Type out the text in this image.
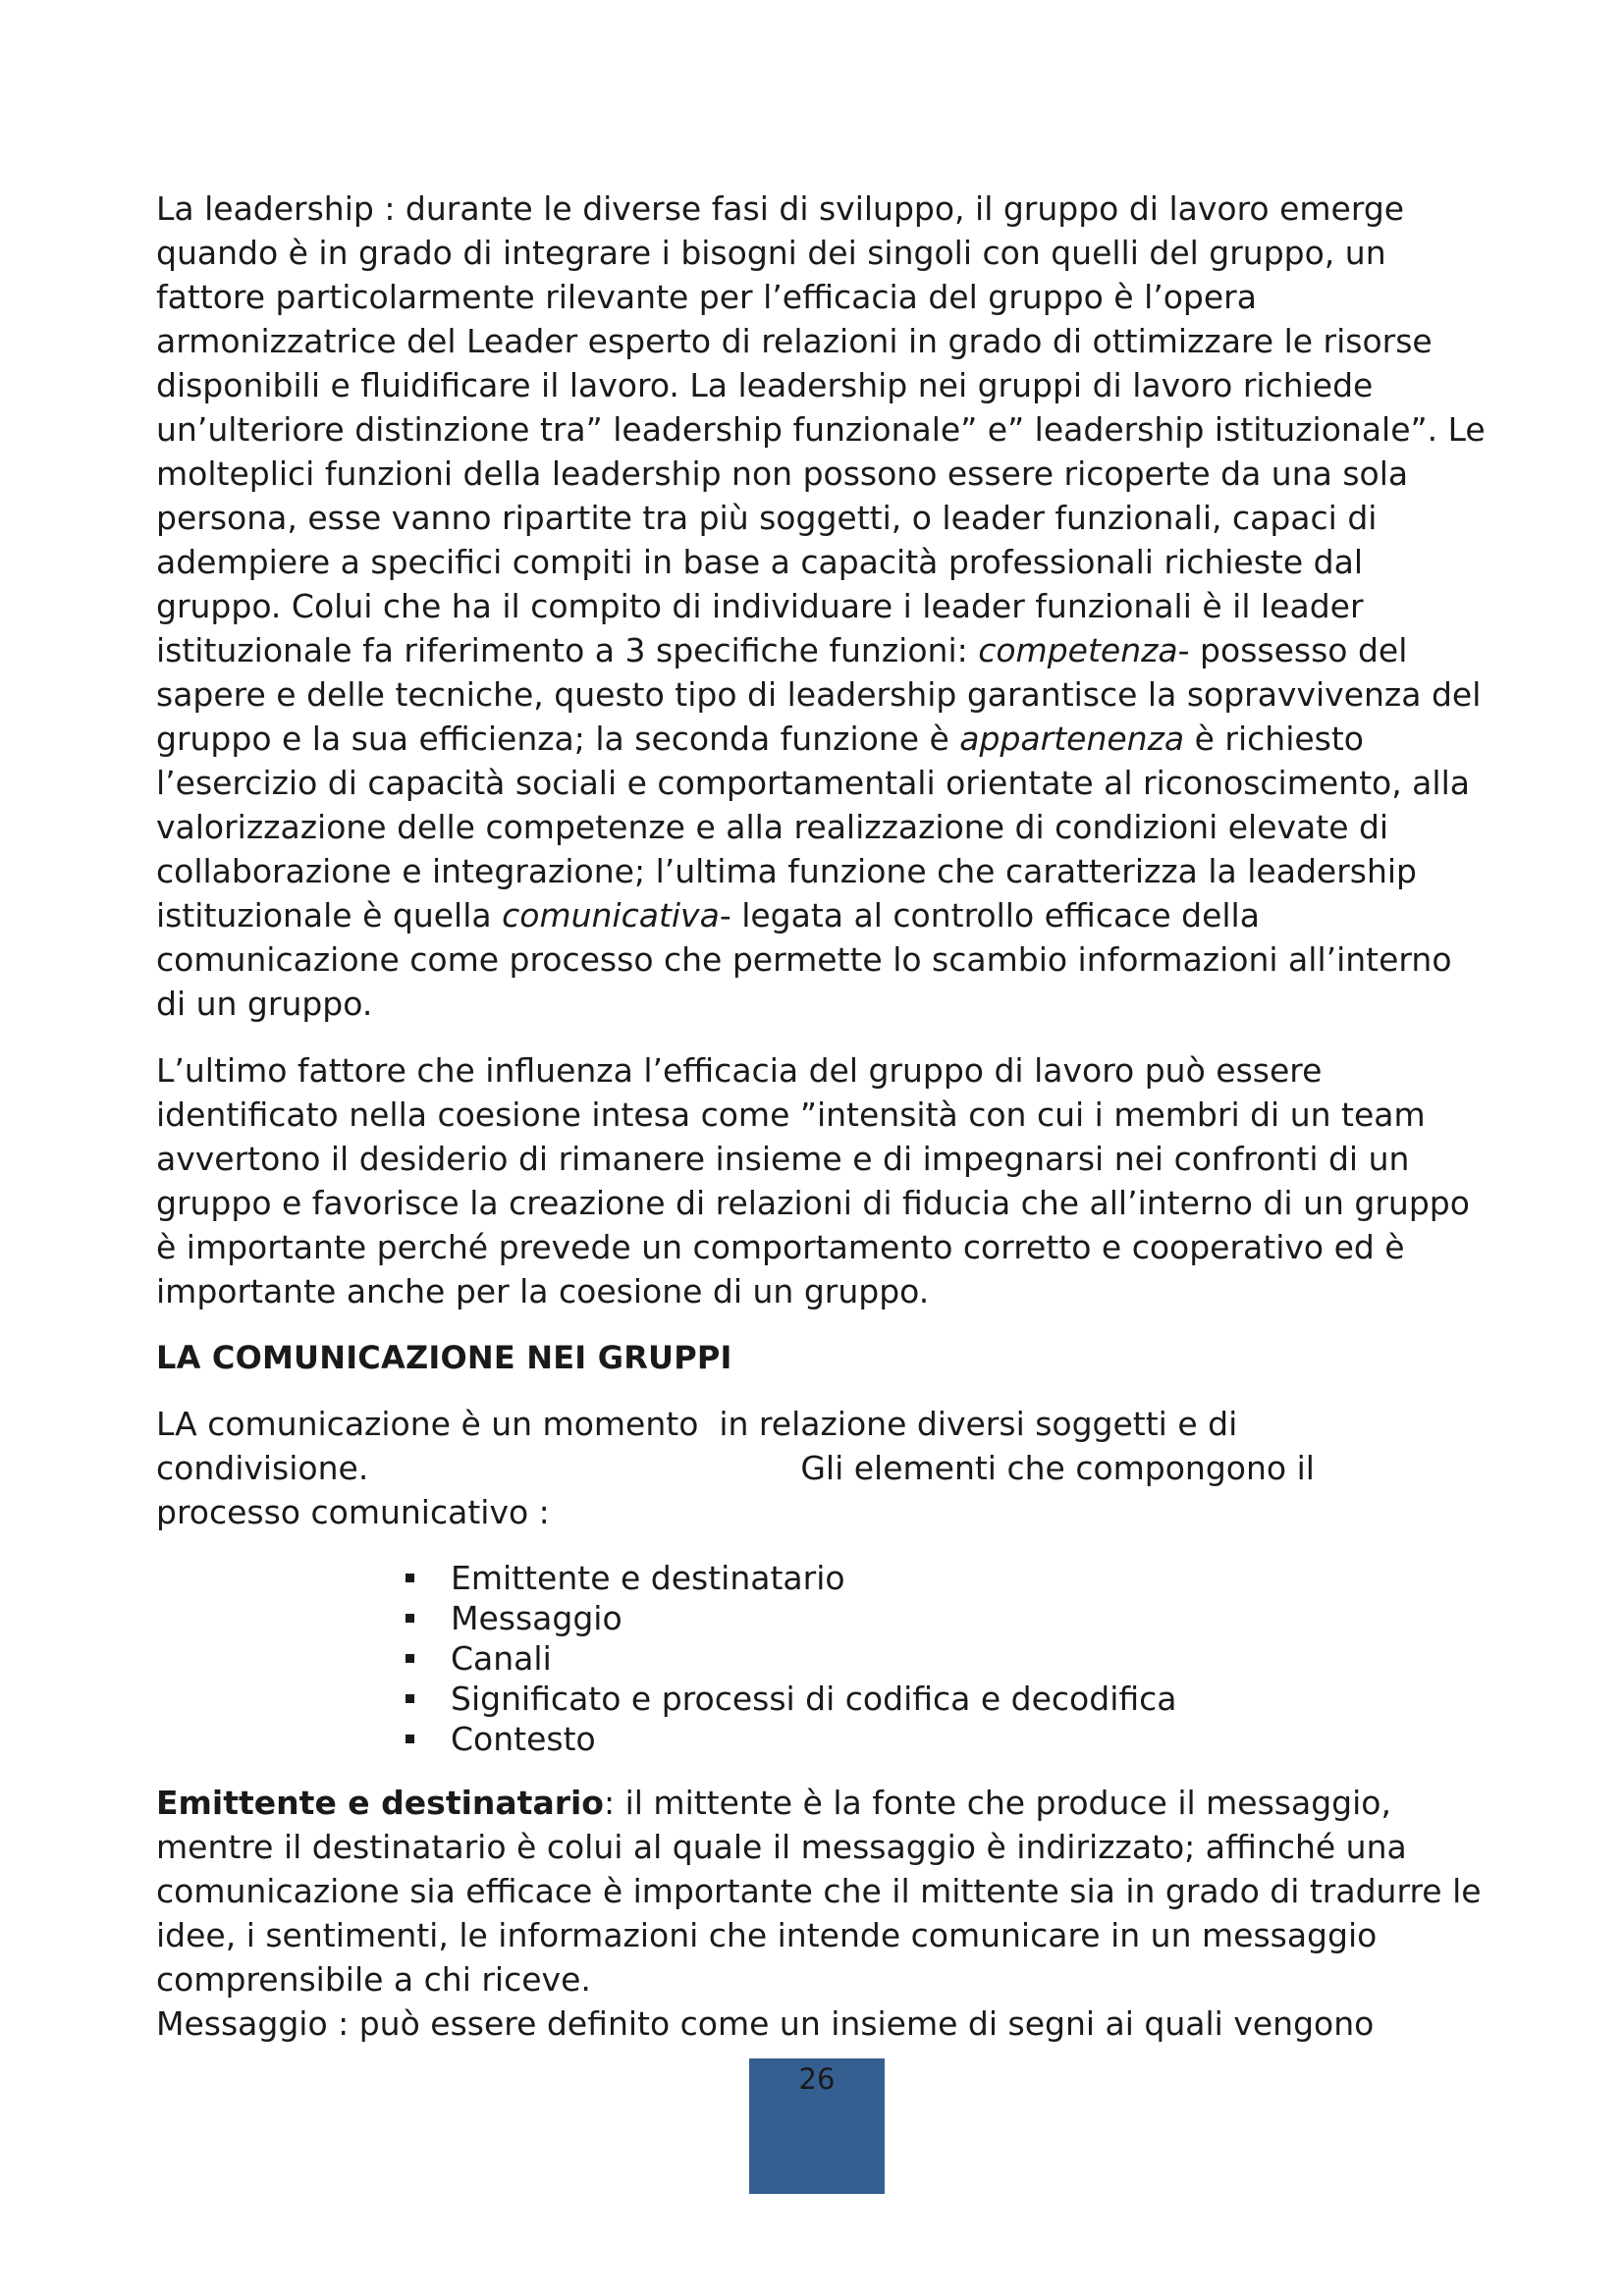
La leadership : durante le diverse fasi di sviluppo, il gruppo di lavoro emerge quando è in grado di integrare i bisogni dei singoli con quelli del gruppo, un fattore particolarmente rilevante per l’efficacia del gruppo è l’opera armonizzatrice del Leader esperto di relazioni in grado di ottimizzare le risorse disponibili e fluidificare il lavoro. La leadership nei gruppi di lavoro richiede un’ulteriore distinzione tra” leadership funzionale” e” leadership istituzionale”. Le molteplici funzioni della leadership non possono essere ricoperte da una sola persona, esse vanno ripartite tra più soggetti, o leader funzionali, capaci di adempiere a specifici compiti in base a capacità professionali richieste dal gruppo. Colui che ha il compito di individuare i leader funzionali è il leader istituzionale fa riferimento a 3 specifiche funzioni: competenza- possesso del sapere e delle tecniche, questo tipo di leadership garantisce la sopravvivenza del gruppo e la sua efficienza; la seconda funzione è appartenenza è richiesto l’esercizio di capacità sociali e comportamentali orientate al riconoscimento, alla valorizzazione delle competenze e alla realizzazione di condizioni elevate di collaborazione e integrazione; l’ultima funzione che caratterizza la leadership istituzionale è quella comunicativa- legata al controllo efficace della comunicazione come processo che permette lo scambio informazioni all’interno di un gruppo.

L’ultimo fattore che influenza l’efficacia del gruppo di lavoro può essere identificato nella coesione intesa come ”intensità con cui i membri di un team avvertono il desiderio di rimanere insieme e di impegnarsi nei confronti di un gruppo e favorisce la creazione di relazioni di fiducia che all’interno di un gruppo è importante perché prevede un comportamento corretto e cooperativo ed è importante anche per la coesione di un gruppo.

LA COMUNICAZIONE NEI GRUPPI

LA comunicazione è un momento  in relazione diversi soggetti e di

condivisione.	Gli elementi che compongono il

processo comunicativo :

Emittente e destinatario
Messaggio
Canali
Significato e processi di codifica e decodifica
Contesto

Emittente e destinatario: il mittente è la fonte che produce il messaggio, mentre il destinatario è colui al quale il messaggio è indirizzato; affinché una comunicazione sia efficace è importante che il mittente sia in grado di tradurre le idee, i sentimenti, le informazioni che intende comunicare in un messaggio comprensibile a chi riceve.

Messaggio : può essere definito come un insieme di segni ai quali vengono

26
